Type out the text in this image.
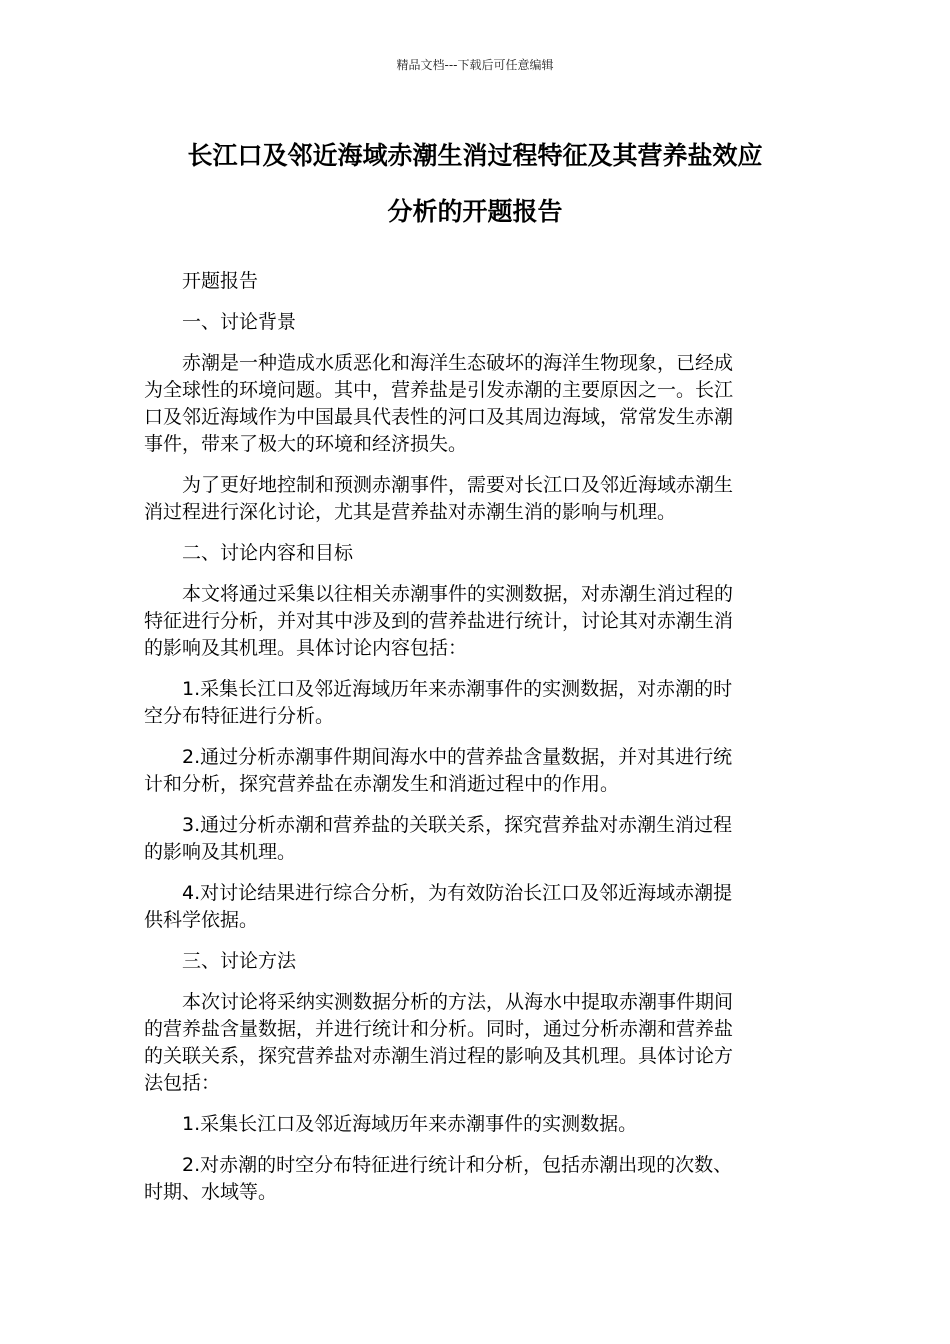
精品文档---下载后可任意编辑
长江口及邻近海域赤潮生消过程特征及其营养盐效应
分析的开题报告

开题报告

一、讨论背景

赤潮是一种造成水质恶化和海洋生态破坏的海洋生物现象，已经成
为全球性的环境问题。其中，营养盐是引发赤潮的主要原因之一。长江
口及邻近海域作为中国最具代表性的河口及其周边海域，常常发生赤潮
事件，带来了极大的环境和经济损失。

为了更好地控制和预测赤潮事件，需要对长江口及邻近海域赤潮生
消过程进行深化讨论，尤其是营养盐对赤潮生消的影响与机理。

二、讨论内容和目标

本文将通过采集以往相关赤潮事件的实测数据，对赤潮生消过程的
特征进行分析，并对其中涉及到的营养盐进行统计，讨论其对赤潮生消
的影响及其机理。具体讨论内容包括：

1.采集长江口及邻近海域历年来赤潮事件的实测数据，对赤潮的时
空分布特征进行分析。

2.通过分析赤潮事件期间海水中的营养盐含量数据，并对其进行统
计和分析，探究营养盐在赤潮发生和消逝过程中的作用。

3.通过分析赤潮和营养盐的关联关系，探究营养盐对赤潮生消过程
的影响及其机理。

4.对讨论结果进行综合分析，为有效防治长江口及邻近海域赤潮提
供科学依据。

三、讨论方法

本次讨论将采纳实测数据分析的方法，从海水中提取赤潮事件期间
的营养盐含量数据，并进行统计和分析。同时，通过分析赤潮和营养盐
的关联关系，探究营养盐对赤潮生消过程的影响及其机理。具体讨论方
法包括：

1.采集长江口及邻近海域历年来赤潮事件的实测数据。

2.对赤潮的时空分布特征进行统计和分析，包括赤潮出现的次数、
时期、水域等。
